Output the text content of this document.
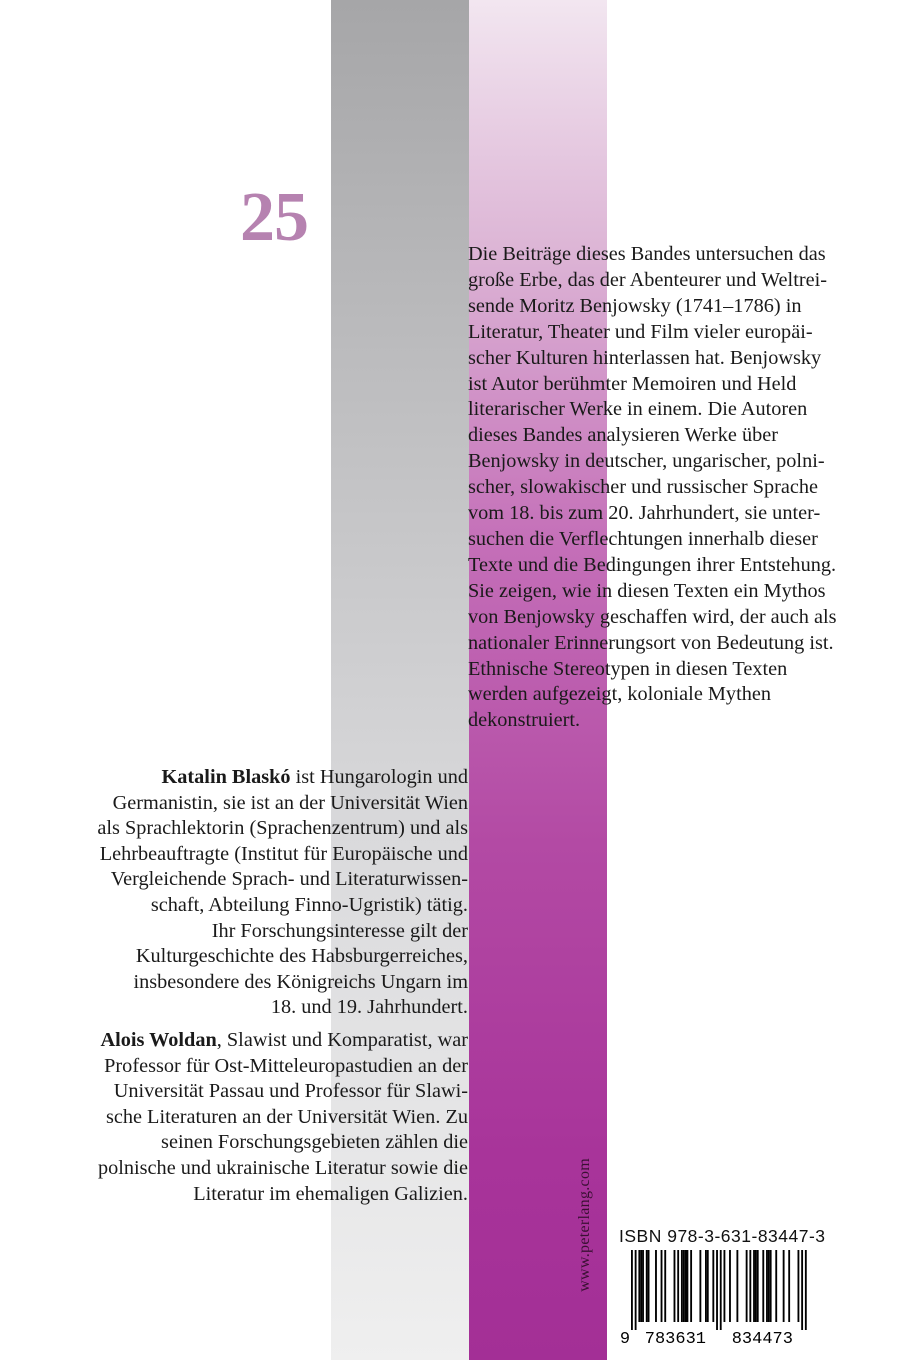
25	Die Beiträge dieses Bandes untersuchen das

große Erbe, das der Abenteurer und Weltrei-

sende Moritz Benjowsky (1741–1786) in

Literatur, Theater und Film vieler europäi-

scher Kulturen hinterlassen hat. Benjowsky

ist Autor berühmter Memoiren und Held

literarischer Werke in einem. Die Autoren

dieses Bandes analysieren Werke über

Benjowsky in deutscher, ungarischer, polni-

scher, slowakischer und russischer Sprache

vom 18. bis zum 20. Jahrhundert, sie unter-

suchen die Verflechtungen innerhalb dieser

Texte und die Bedingungen ihrer Entstehung.

Sie zeigen, wie in diesen Texten ein Mythos

von Benjowsky geschaffen wird, der auch als

nationaler Erinnerungsort von Bedeutung ist.

Ethnische Stereotypen in diesen Texten

werden aufgezeigt, koloniale Mythen

dekonstruiert.

Katalin Blaskó ist Hungarologin und
Germanistin, sie ist an der Universität Wien
als Sprachlektorin (Sprachenzentrum) und als
Lehrbeauftragte (Institut für Europäische und
Vergleichende Sprach- und Literaturwissen-
schaft, Abteilung Finno-Ugristik) tätig.
Ihr Forschungsinteresse gilt der
Kulturgeschichte des Habsburgerreiches,
insbesondere des Königreichs Ungarn im
18. und 19. Jahrhundert.
Alois Woldan, Slawist und Komparatist, war
Professor für Ost-Mitteleuropastudien an der
Universität Passau und Professor für Slawi-
sche Literaturen an der Universität Wien. Zu
seinen Forschungsgebieten zählen die
polnische und ukrainische Literatur sowie die
Literatur im ehemaligen Galizien.	www.peterlang.com ISBN 978-3-631-83447-3
9 783631 834473
